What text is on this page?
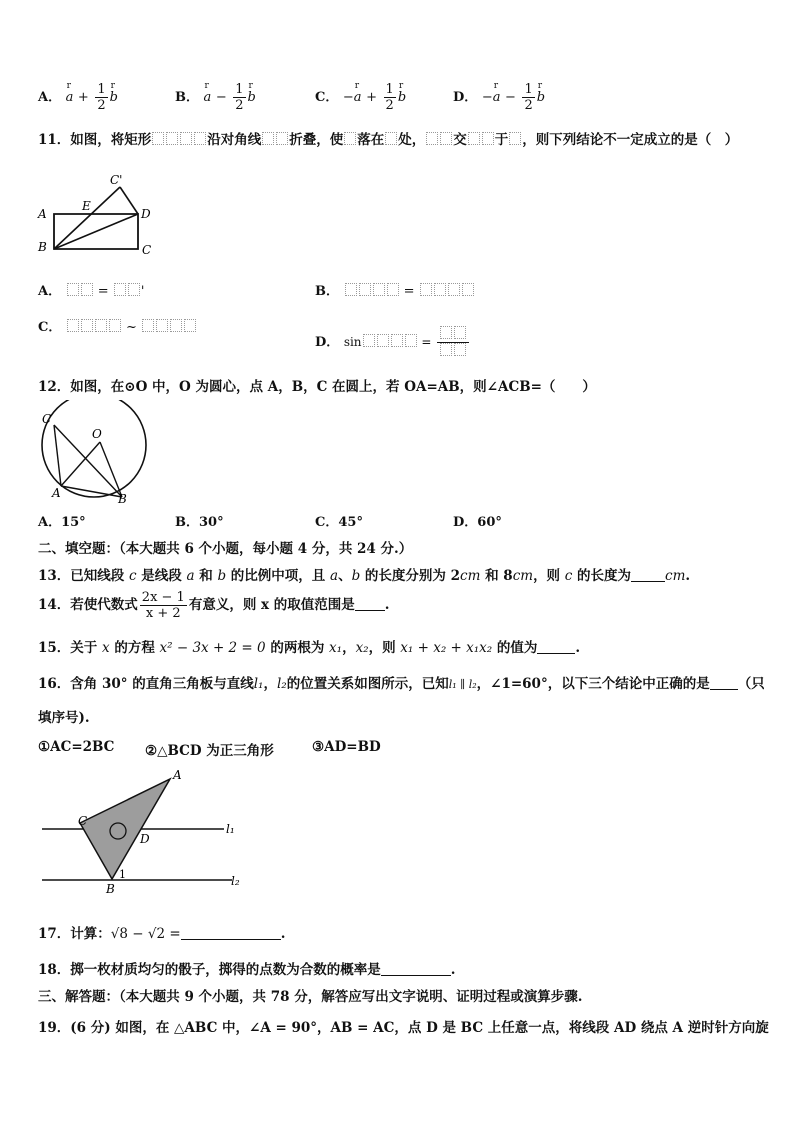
A． r $a + \frac{1}{2}$ r b	B． r $a - \frac{1}{2}$ r b	C． −r $a + \frac{1}{2}$ r b	D． −r $a - \frac{1}{2}$ r b
11．如图，将矩形	沿对角线 折叠，使 落在 处， 交 于 ，则下列结论不一定成立的是（　）
C'
A
E
D
B	C
A．	= '	B．	=
C．	~
D． sin	=
12．如图，在⊙O 中，O 为圆心，点 A，B，C 在圆上，若 OA=AB，则∠ACB=（　　）
C
O
A	B
A．15°	B．30°	C．45°	D．60°
二、填空题：（本大题共 6 个小题，每小题 4 分，共 24 分.）
13．已知线段 c 是线段 a 和 b 的比例中项，且 a、b 的长度分别为 2cm 和 8cm，则 c 的长度为	cm.
14．若使代数式 $\frac{2x - 1}{x + 2}$ 有意义，则 x 的取值范围是 .
15．关于 x 的方程 x² − 3x + 2 = 0 的两根为 x₁，x₂，则 x₁ + x₂ + x₁x₂ 的值为	.
16．含角 30° 的直角三角板与直线l₁，l₂的位置关系如图所示，已知l₁ ∥ l₂，∠1=60°，以下三个结论中正确的是 （只
填序号).
①AC=2BC ②△BCD 为正三角形	③AD=BD
A
C
D
B
1
l₁
l₂
17．计算：√8 − √2 =	.
18．掷一枚材质均匀的骰子，掷得的点数为合数的概率是	.
三、解答题：（本大题共 9 个小题，共 78 分，解答应写出文字说明、证明过程或演算步骤.
19．(6 分) 如图，在 △ABC 中，∠A = 90°，AB = AC，点 D 是 BC 上任意一点，将线段 AD 绕点 A 逆时针方向旋
